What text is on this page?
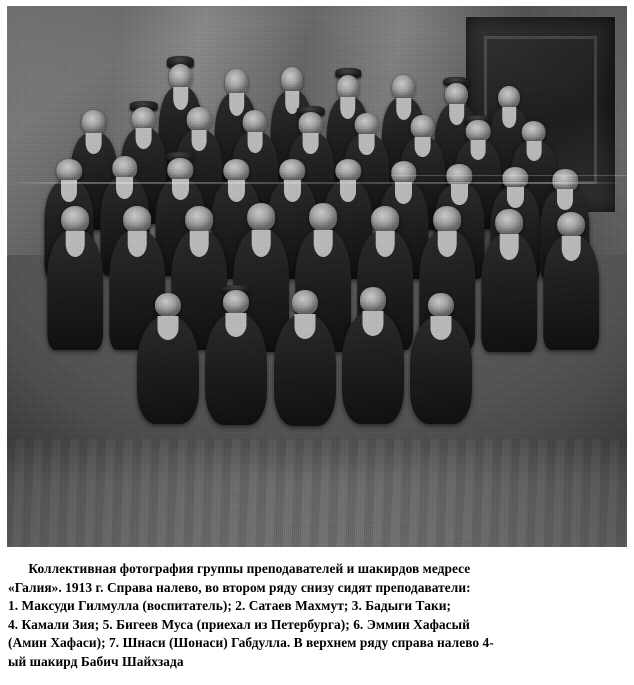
Коллективная фотография группы преподавателей и шакирдов медресе
«Галия». 1913 г. Справа налево, во втором ряду снизу сидят преподаватели:
1. Максуди Гилмулла (воспитатель); 2. Сатаев Махмут; 3. Бадыги Таки;
4. Камали Зия; 5. Бигеев Муса (приехал из Петербурга); 6. Эммин Хафасый
(Амин Хафаси); 7. Шнаси (Шонаси) Габдулла. В верхнем ряду справа налево 4-
ый шакирд Бабич Шайхзада
